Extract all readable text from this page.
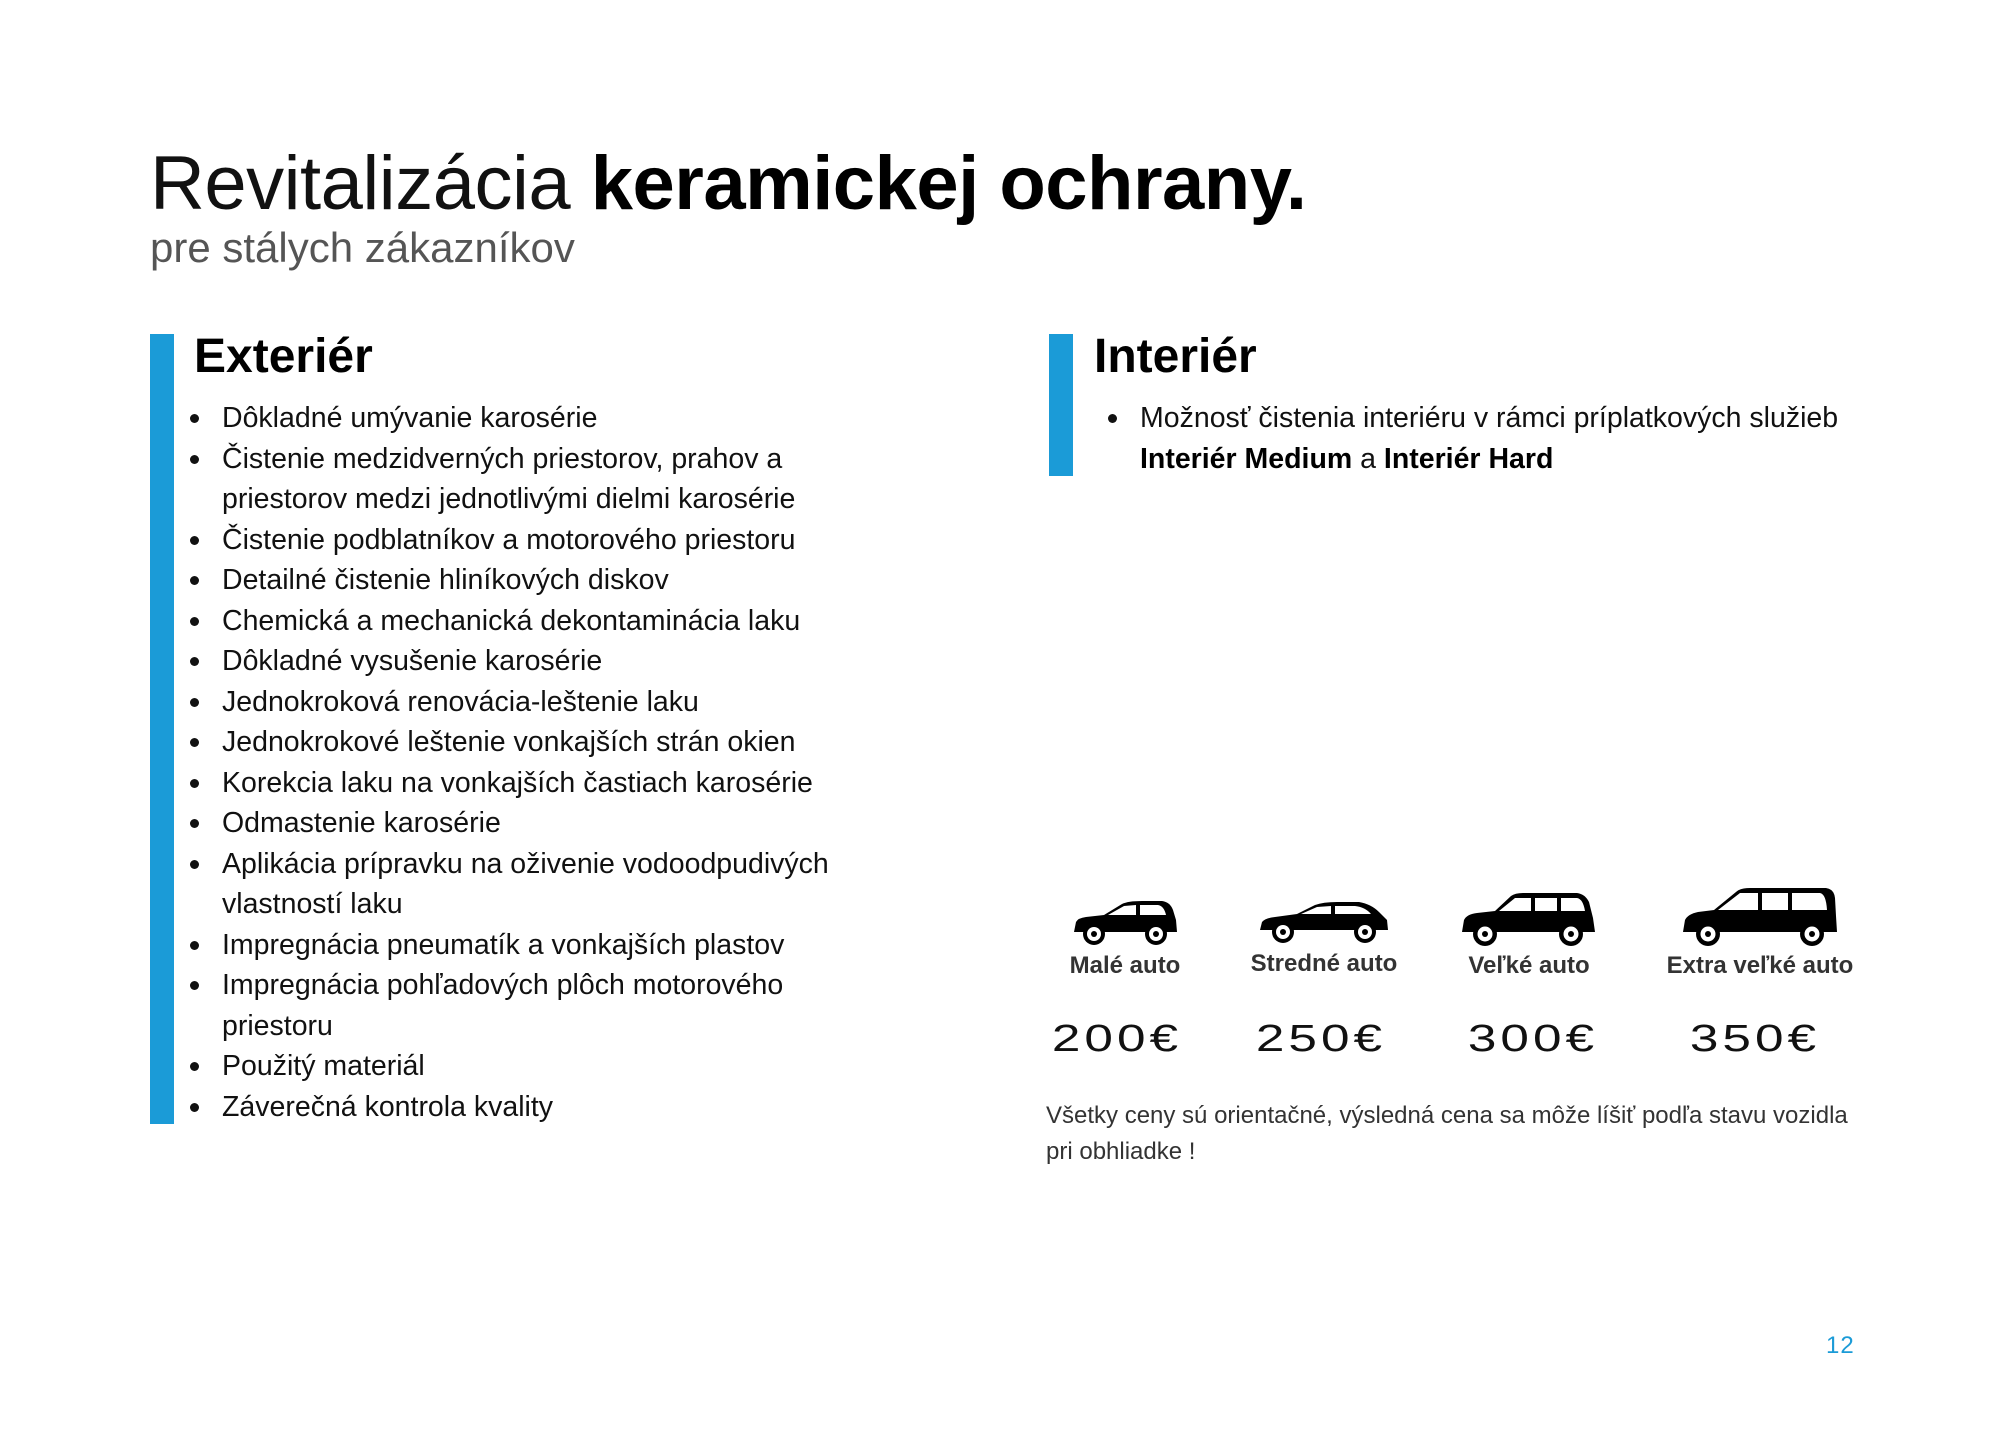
Revitalizácia keramickej ochrany.
pre stálych zákazníkov
Exteriér
Dôkladné umývanie karosérie
Čistenie medzidverných priestorov, prahov a priestorov medzi jednotlivými dielmi karosérie
Čistenie podblatníkov a motorového priestoru
Detailné čistenie hliníkových diskov
Chemická a mechanická dekontaminácia laku
Dôkladné vysušenie karosérie
Jednokroková renovácia-leštenie laku
Jednokrokové leštenie vonkajších strán okien
Korekcia laku na vonkajších častiach karosérie
Odmastenie karosérie
Aplikácia prípravku na oživenie vodoodpudivých vlastností laku
Impregnácia pneumatík a vonkajších plastov
Impregnácia pohľadových plôch motorového priestoru
Použitý materiál
Záverečná kontrola kvality
Interiér
Možnosť čistenia interiéru v rámci príplatkových služieb Interiér Medium a Interiér Hard
Malé auto	Stredné auto	Veľké auto	Extra veľké auto
200€ 250€ 300€ 350€
Všetky ceny sú orientačné, výsledná cena sa môže líšiť podľa stavu vozidla pri obhliadke !
12
